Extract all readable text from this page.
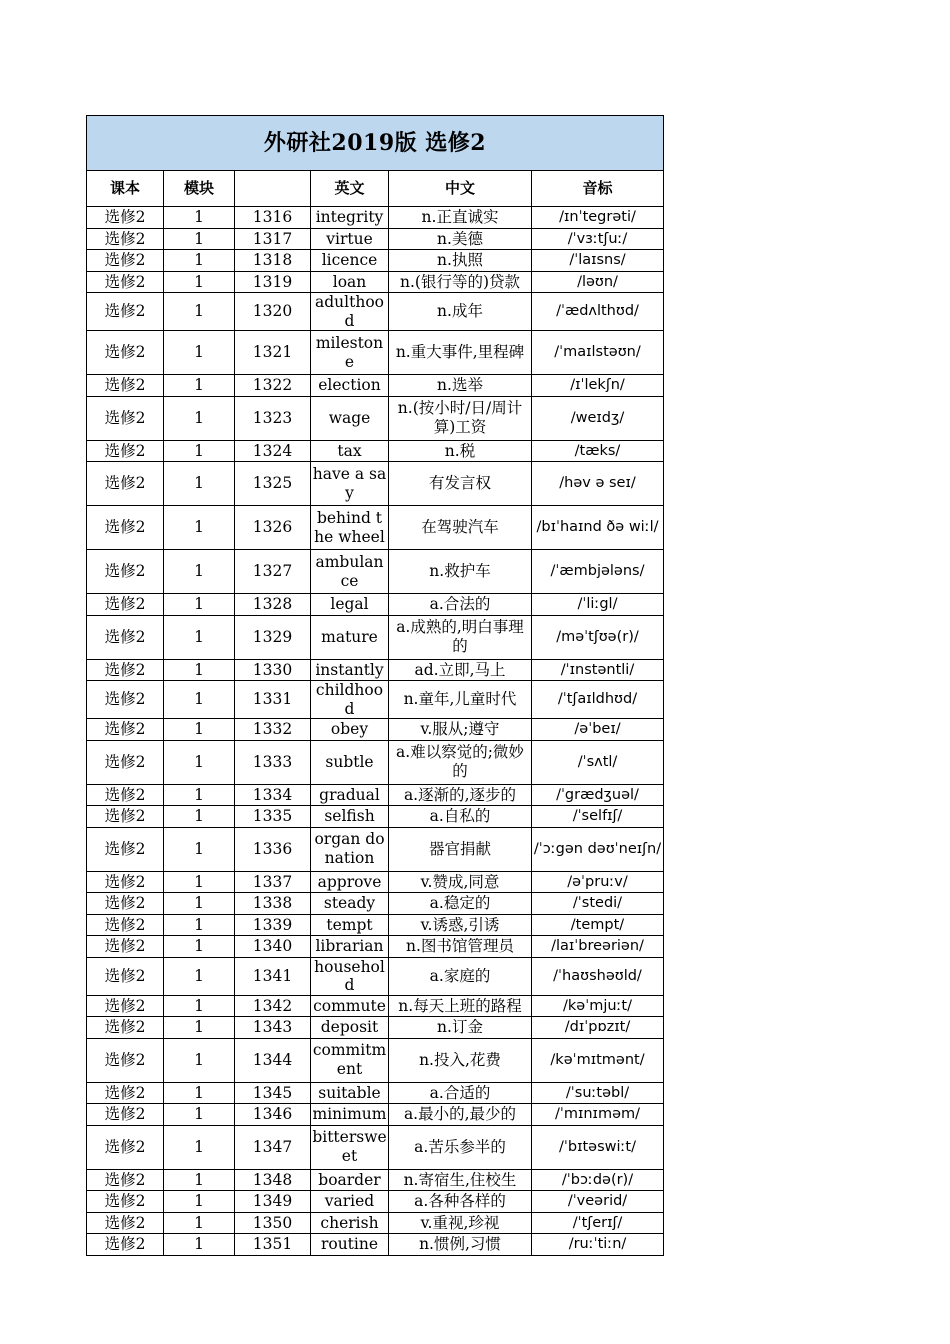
外研社2019版 选修2					
课本	模块		英文	中文	音标
选修2	1	1316	integrity	n.正直诚实	/ɪnˈtegrəti/
选修2	1	1317	virtue	n.美德	/ˈvɜːtʃuː/
选修2	1	1318	licence	n.执照	/ˈlaɪsns/
选修2	1	1319	loan	n.(银行等的)贷款	/ləʊn/
选修2	1	1320	adulthood	n.成年	/ˈædʌlthʊd/
选修2	1	1321	milestone	n.重大事件,里程碑	/ˈmaɪlstəʊn/
选修2	1	1322	election	n.选举	/ɪˈlekʃn/
选修2	1	1323	wage	n.(按小时/日/周计算)工资	/weɪdʒ/
选修2	1	1324	tax	n.税	/tæks/
选修2	1	1325	have a say	有发言权	/həv ə seɪ/
选修2	1	1326	behind the wheel	在驾驶汽车	/bɪˈhaɪnd ðə wiːl/
选修2	1	1327	ambulance	n.救护车	/ˈæmbjələns/
选修2	1	1328	legal	a.合法的	/ˈliːgl/
选修2	1	1329	mature	a.成熟的,明白事理的	/məˈtʃʊə(r)/
选修2	1	1330	instantly	ad.立即,马上	/ˈɪnstəntli/
选修2	1	1331	childhood	n.童年,儿童时代	/ˈtʃaɪldhʊd/
选修2	1	1332	obey	v.服从;遵守	/əˈbeɪ/
选修2	1	1333	subtle	a.难以察觉的;微妙的	/ˈsʌtl/
选修2	1	1334	gradual	a.逐渐的,逐步的	/ˈgrædʒuəl/
选修2	1	1335	selfish	a.自私的	/ˈselfɪʃ/
选修2	1	1336	organ donation	器官捐献	/ˈɔːgən dəʊˈneɪʃn/
选修2	1	1337	approve	v.赞成,同意	/əˈpruːv/
选修2	1	1338	steady	a.稳定的	/ˈstedi/
选修2	1	1339	tempt	v.诱惑,引诱	/tempt/
选修2	1	1340	librarian	n.图书馆管理员	/laɪˈbreəriən/
选修2	1	1341	household	a.家庭的	/ˈhaʊshəʊld/
选修2	1	1342	commute	n.每天上班的路程	/kəˈmjuːt/
选修2	1	1343	deposit	n.订金	/dɪˈpɒzɪt/
选修2	1	1344	commitment	n.投入,花费	/kəˈmɪtmənt/
选修2	1	1345	suitable	a.合适的	/ˈsuːtəbl/
选修2	1	1346	minimum	a.最小的,最少的	/ˈmɪnɪməm/
选修2	1	1347	bittersweet	a.苦乐参半的	/ˈbɪtəswiːt/
选修2	1	1348	boarder	n.寄宿生,住校生	/ˈbɔːdə(r)/
选修2	1	1349	varied	a.各种各样的	/ˈveərid/
选修2	1	1350	cherish	v.重视,珍视	/ˈtʃerɪʃ/
选修2	1	1351	routine	n.惯例,习惯	/ruːˈtiːn/
